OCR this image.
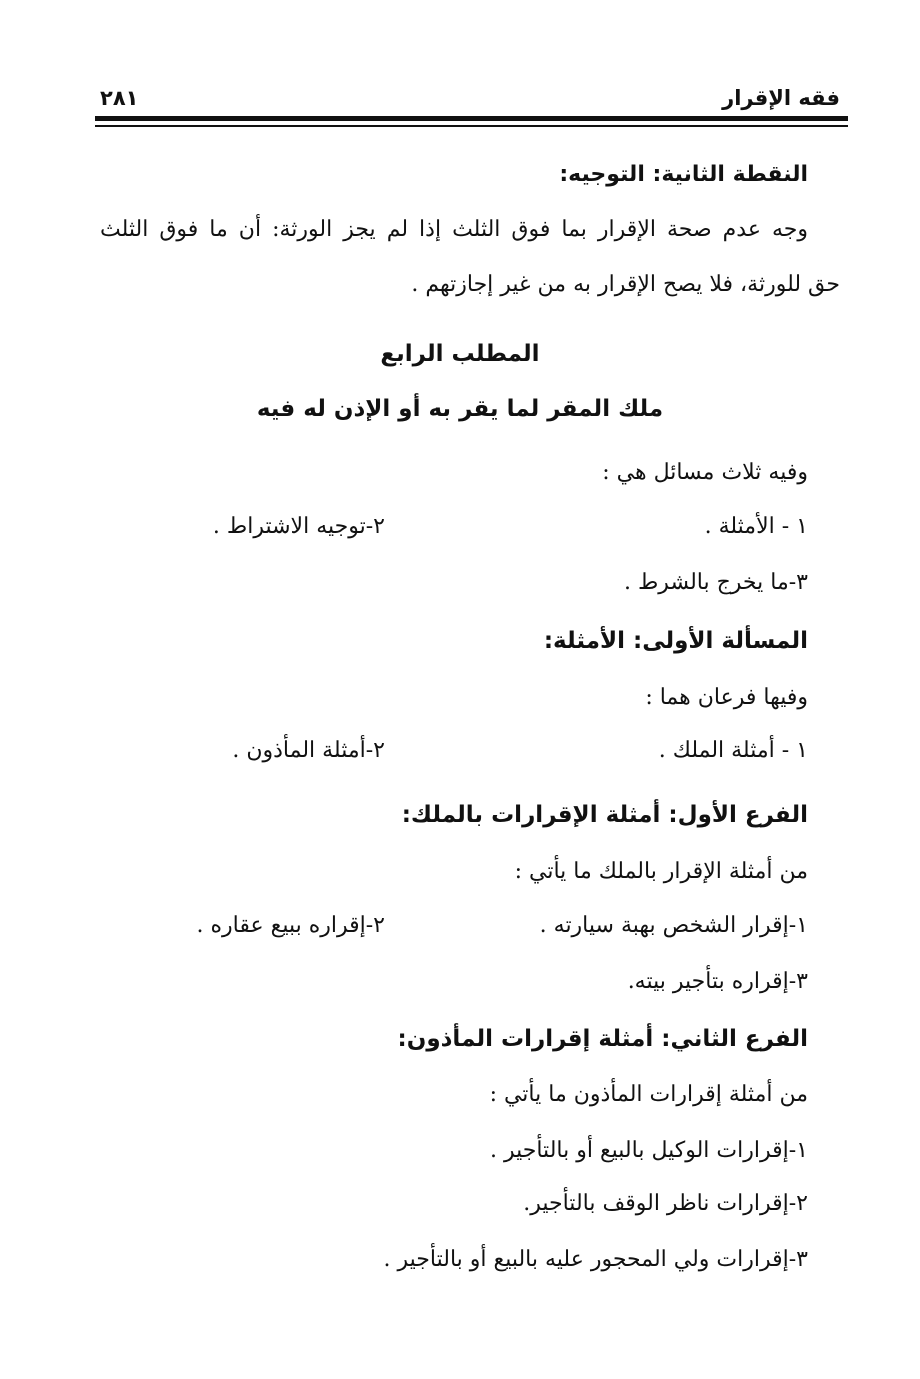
فقه الإقرار
٢٨١
النقطة الثانية: التوجيه:
وجه عدم صحة الإقرار بما فوق الثلث إذا لم يجز الورثة: أن ما فوق الثلث
حق للورثة، فلا يصح الإقرار به من غير إجازتهم .
المطلب الرابع
ملك المقر لما يقر به أو الإذن له فيه
وفيه ثلاث مسائل هي :
١ - الأمثلة .
٢-توجيه الاشتراط .
٣-ما يخرج بالشرط .
المسألة الأولى: الأمثلة:
وفيها فرعان هما :
١ - أمثلة الملك .
٢-أمثلة المأذون .
الفرع الأول: أمثلة الإقرارات بالملك:
من أمثلة الإقرار بالملك ما يأتي :
١-إقرار الشخص بهبة سيارته .
٢-إقراره ببيع عقاره .
٣-إقراره بتأجير بيته.
الفرع الثاني: أمثلة إقرارات المأذون:
من أمثلة إقرارات المأذون ما يأتي :
١-إقرارات الوكيل بالبيع أو بالتأجير .
٢-إقرارات ناظر الوقف بالتأجير.
٣-إقرارات ولي المحجور عليه بالبيع أو بالتأجير .
